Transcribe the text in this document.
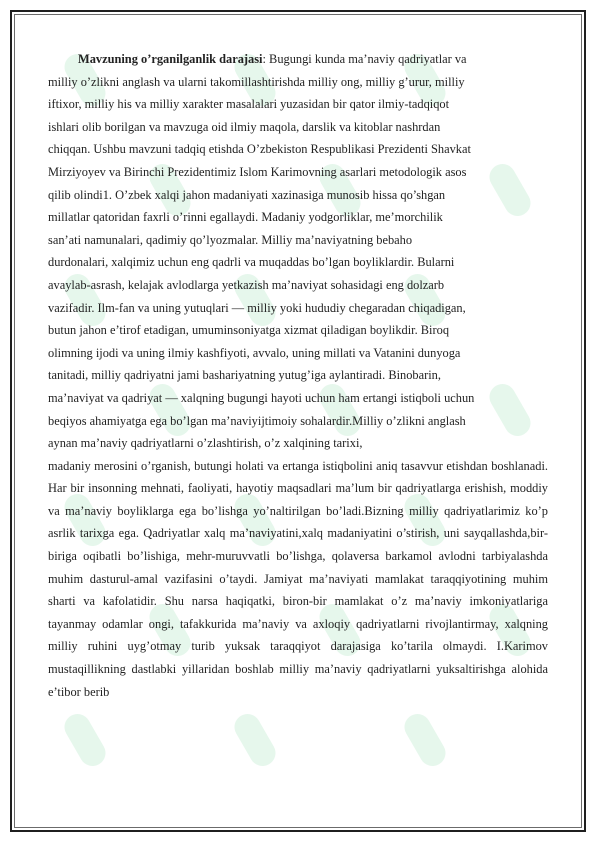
Mavzuning o’rganilganlik darajasi: Bugungi kunda ma’naviy qadriyatlar va
milliy o’zlikni anglash va ularni takomillashtirishda milliy ong, milliy g’urur, milliy
iftixor, milliy his va milliy xarakter masalalari yuzasidan bir qator ilmiy-tadqiqot
ishlari olib borilgan va mavzuga oid ilmiy maqola, darslik va kitoblar nashrdan
chiqqan. Ushbu mavzuni tadqiq etishda O’zbekiston Respublikasi Prezidenti Shavkat
Mirziyoyev va Birinchi Prezidentimiz Islom Karimovning asarlari metodologik asos
qilib olindi1. O’zbek xalqi jahon madaniyati xazinasiga munosib hissa qo’shgan
millatlar qatoridan faxrli o’rinni egallaydi. Madaniy yodgorliklar, me’morchilik
san’ati namunalari, qadimiy qo’lyozmalar. Milliy ma’naviyatning bebaho
durdonalari, xalqimiz uchun eng qadrli va muqaddas bo’lgan boyliklardir. Bularni
avaylab-asrash, kelajak avlodlarga yetkazish ma’naviyat sohasidagi eng dolzarb
vazifadir. Ilm-fan va uning yutuqlari — milliy yoki hududiy chegaradan chiqadigan,
butun jahon e’tirof etadigan, umuminsoniyatga xizmat qiladigan boylikdir. Biroq
olimning ijodi va uning ilmiy kashfiyoti, avvalo, uning millati va Vatanini dunyoga
tanitadi, milliy qadriyatni jami bashariyatning yutug’iga aylantiradi. Binobarin,
ma’naviyat va qadriyat — xalqning bugungi hayoti uchun ham ertangi istiqboli uchun
beqiyos ahamiyatga ega bo’lgan ma’naviyijtimoiy sohalardir.Milliy o’zlikni anglash
aynan ma’naviy qadriyatlarni o’zlashtirish, o’z xalqining tarixi,

madaniy merosini o’rganish, butungi holati va ertanga istiqbolini aniq tasavvur etishdan boshlanadi. Har bir insonning mehnati, faoliyati, hayotiy maqsadlari ma’lum bir qadriyatlarga erishish, moddiy va ma’naviy boyliklarga ega bo’lishga yo’naltirilgan bo’ladi.Bizning milliy qadriyatlarimiz ko’p asrlik tarixga ega. Qadriyatlar xalq ma’naviyatini,xalq madaniyatini o’stirish, uni sayqallashda,bir-biriga oqibatli bo’lishiga, mehr-muruvvatli bo’lishga, qolaversa barkamol avlodni tarbiyalashda muhim dasturul-amal vazifasini o’taydi. Jamiyat ma’naviyati mamlakat taraqqiyotining muhim sharti va kafolatidir. Shu narsa haqiqatki, biron-bir mamlakat o’z ma’naviy imkoniyatlariga tayanmay odamlar ongi, tafakkurida ma’naviy va axloqiy qadriyatlarni rivojlantirmay, xalqning milliy ruhini uyg’otmay turib yuksak taraqqiyot darajasiga ko’tarila olmaydi. I.Karimov mustaqillikning dastlabki yillaridan boshlab milliy ma’naviy qadriyatlarni yuksaltirishga alohida e’tibor berib
